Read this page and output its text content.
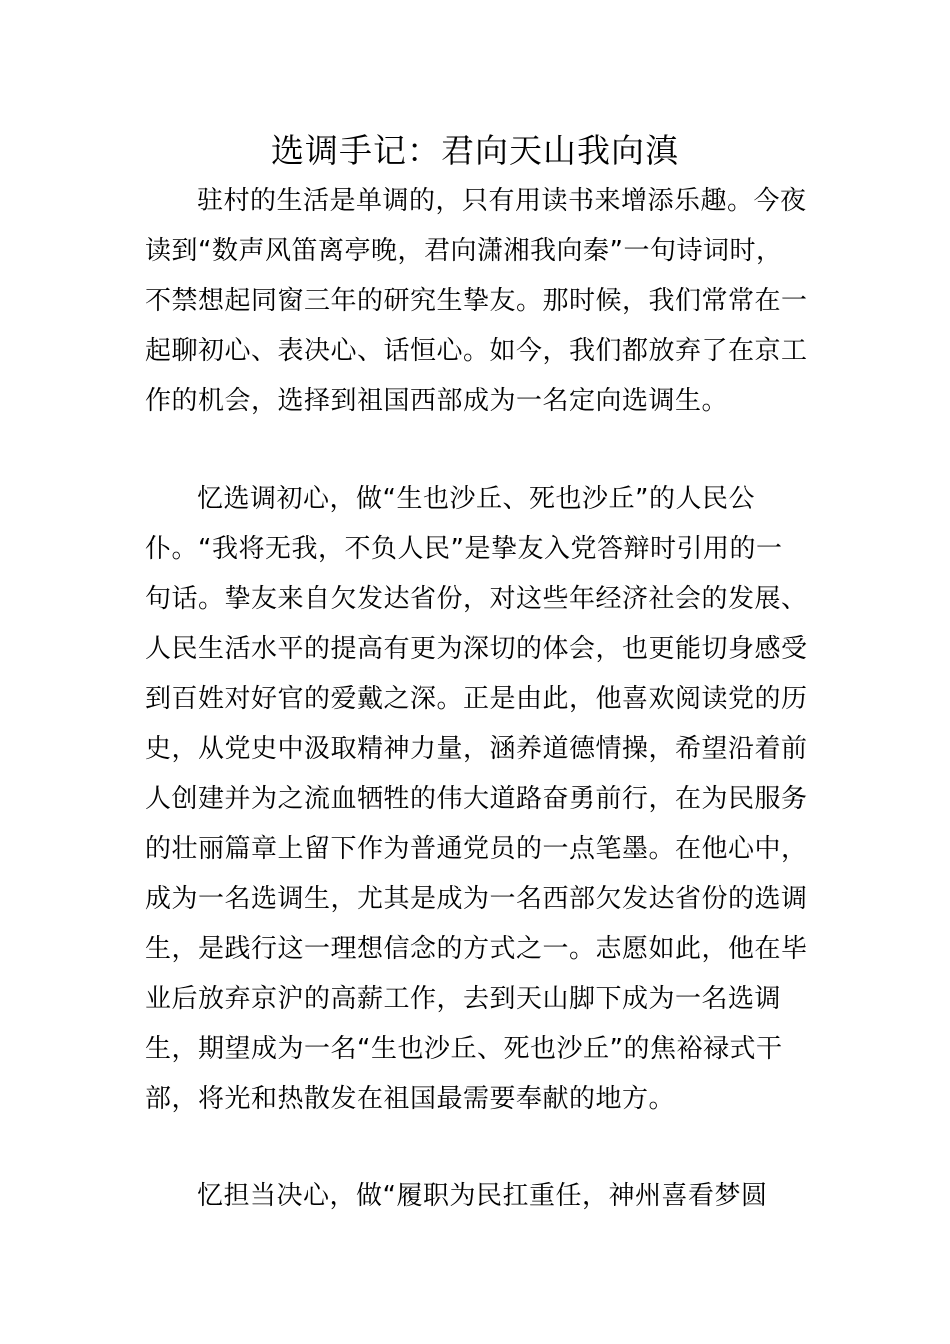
选调手记：君向天山我向滇
驻村的生活是单调的，只有用读书来增添乐趣。今夜
读到“数声风笛离亭晚，君向潇湘我向秦”一句诗词时，
不禁想起同窗三年的研究生挚友。那时候，我们常常在一
起聊初心、表决心、话恒心。如今，我们都放弃了在京工
作的机会，选择到祖国西部成为一名定向选调生。
忆选调初心，做“生也沙丘、死也沙丘”的人民公
仆。“我将无我，不负人民”是挚友入党答辩时引用的一
句话。挚友来自欠发达省份，对这些年经济社会的发展、
人民生活水平的提高有更为深切的体会，也更能切身感受
到百姓对好官的爱戴之深。正是由此，他喜欢阅读党的历
史，从党史中汲取精神力量，涵养道德情操，希望沿着前
人创建并为之流血牺牲的伟大道路奋勇前行，在为民服务
的壮丽篇章上留下作为普通党员的一点笔墨。在他心中，
成为一名选调生，尤其是成为一名西部欠发达省份的选调
生，是践行这一理想信念的方式之一。志愿如此，他在毕
业后放弃京沪的高薪工作，去到天山脚下成为一名选调
生，期望成为一名“生也沙丘、死也沙丘”的焦裕禄式干
部，将光和热散发在祖国最需要奉献的地方。
忆担当决心，做“履职为民扛重任，神州喜看梦圆
